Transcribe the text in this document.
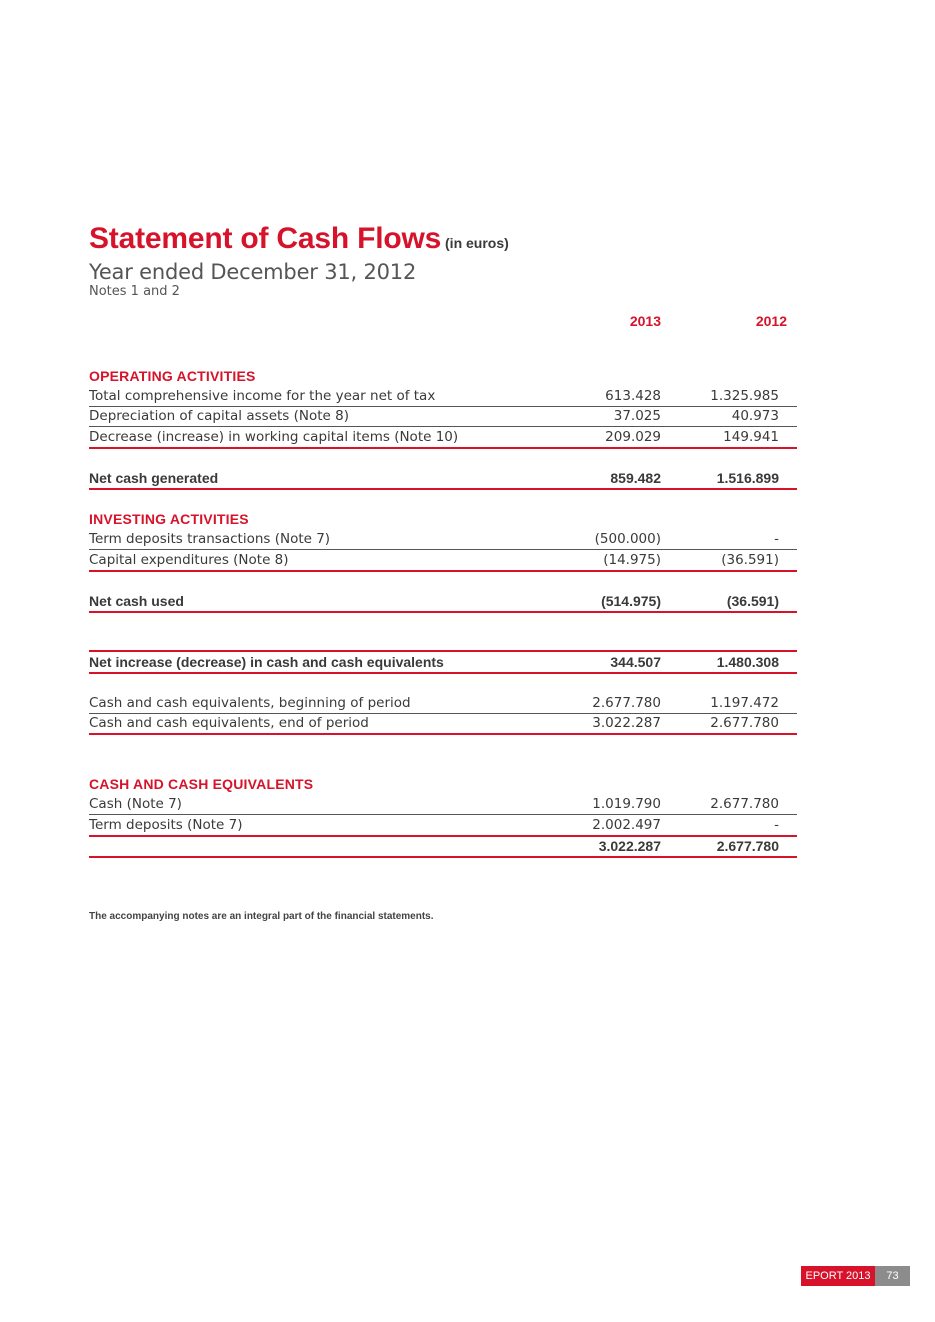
Statement of Cash Flows (in euros)
Year ended December 31, 2012
Notes 1 and 2
2013	2012
OPERATING ACTIVITIES
Total comprehensive income for the year net of tax	613.428	1.325.985
Depreciation of capital assets (Note 8)	37.025	40.973
Decrease (increase) in working capital items (Note 10)	209.029	149.941
Net cash generated	859.482	1.516.899
INVESTING ACTIVITIES
Term deposits transactions (Note 7)	(500.000)	-
Capital expenditures (Note 8)	(14.975)	(36.591)
Net cash used	(514.975)	(36.591)
Net increase (decrease) in cash and cash equivalents	344.507	1.480.308
Cash and cash equivalents, beginning of period	2.677.780	1.197.472
Cash and cash equivalents, end of period	3.022.287	2.677.780
CASH AND CASH EQUIVALENTS
Cash (Note 7)	1.019.790	2.677.780
Term deposits (Note 7)	2.002.497	-
3.022.287	2.677.780
The accompanying notes are an integral part of the financial statements.
EPORT 2013	73
